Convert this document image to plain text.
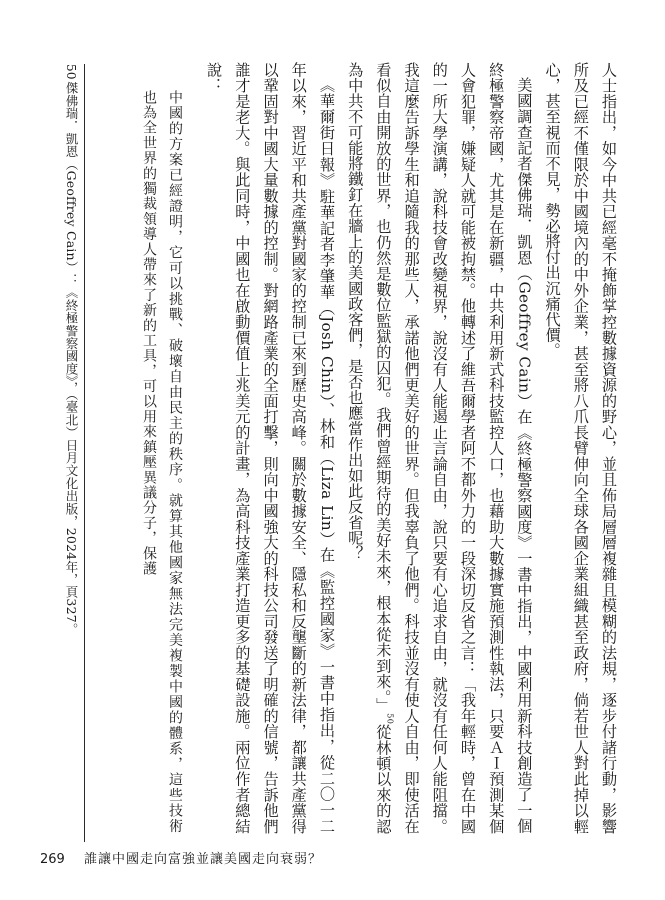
人士指出，如今中共已經毫不掩飾掌控數據資源的野心，並且佈局層層複雜且模糊的法規，逐步付諸行動，影響所及已經不僅限於中國境內的中外企業，甚至將八爪長臂伸向全球各國企業組織甚至政府，倘若世人對此掉以輕心，甚至視而不見，勢必將付出沉痛代價。

美國調查記者傑佛瑞．凱恩（Geoffrey Cain）在《終極警察國度》一書中指出，中國利用新科技創造了一個終極警察帝國，尤其是在新疆，中共利用新式科技監控人口，也藉助大數據實施預測性執法，只要ＡＩ預測某個人會犯罪，嫌疑人就可能被拘禁。他轉述了維吾爾學者阿不都外力的一段深切反省之言：「我年輕時，曾在中國的一所大學演講，說科技會改變視界，說沒有人能遏止言論自由，說只要有心追求自由，就沒有任何人能阻擋。我這麼告訴學生和追隨我的那些人，承諾他們更美好的世界。但我辜負了他們。科技並沒有使人自由，即使活在看似自由開放的世界，也仍然是數位監獄的囚犯。我們曾經期待的美好未來，根本從未到來。」$^{50}$從林頓以來的認為中共不可能將鐵釘在牆上的美國政客們，是否也應當作出如此反省呢？

《華爾街日報》駐華記者李肇華（Josh Chin）、林和（Liza Lin）在《監控國家》一書中指出，從二〇一二年以來，習近平和共產黨對國家的控制已來到歷史高峰。關於數據安全、隱私和反壟斷的新法律，都讓共產黨得以鞏固對中國大量數據的控制。對網路產業的全面打擊，則向中國強大的科技公司發送了明確的信號，告訴他們誰才是老大。與此同時，中國也在啟動價值上兆美元的計畫，為高科技產業打造更多的基礎設施。兩位作者總結說：

中國的方案已經證明，它可以挑戰、破壞自由民主的秩序。就算其他國家無法完美複製中國的體系，這些技術也為全世界的獨裁領導人帶來了新的工具，可以用來鎮壓異議分子，保護

50傑佛瑞．凱恩（Geoffrey Cain）：《終極警察國度》，（臺北）日月文化出版，2024年，頁327。
269 誰讓中國走向富強並讓美國走向衰弱？
